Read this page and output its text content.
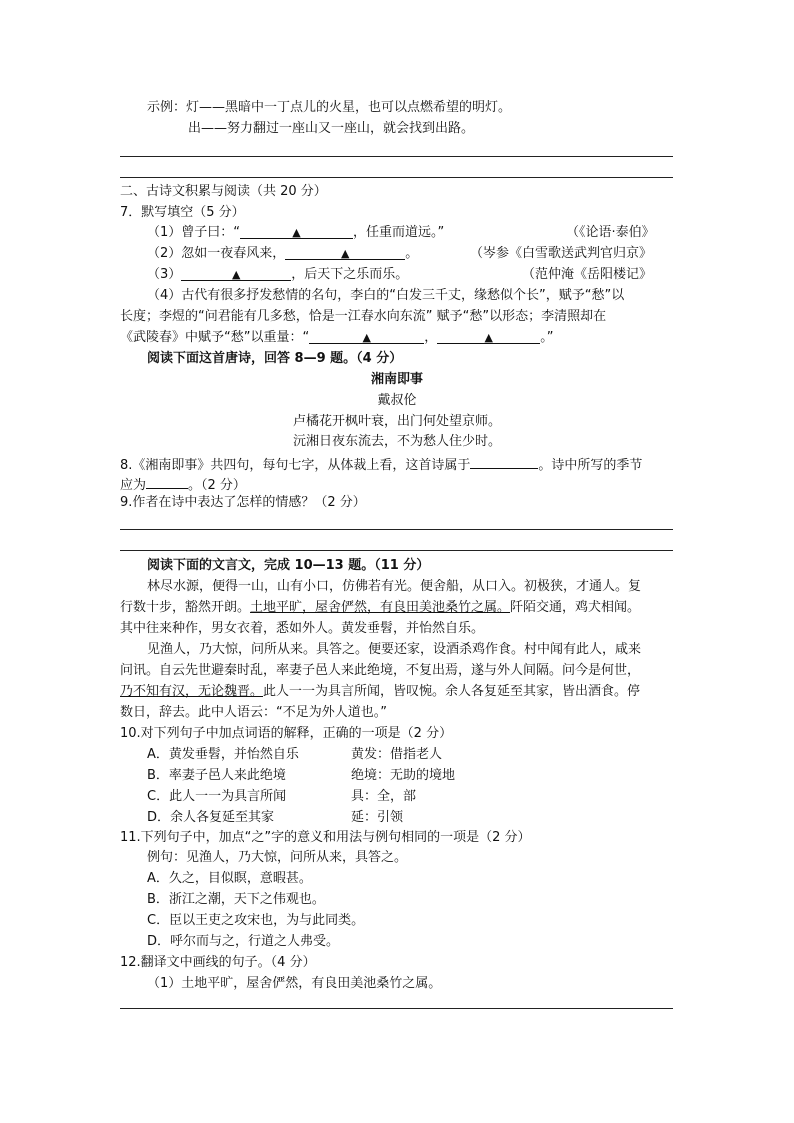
示例：灯——黑暗中一丁点儿的火星，也可以点燃希望的明灯。
出——努力翻过一座山又一座山，就会找到出路。
二、古诗文积累与阅读（共 20 分）
7．默写填空（5 分）
（1）曾子曰：“	▲	，任重而道远。”	（《论语·泰伯》
（2）忽如一夜春风来，	▲	。	（岑参《白雪歌送武判官归京》
（3）	▲	，后天下之乐而乐。	（范仲淹《岳阳楼记》
（4）古代有很多抒发愁情的名句，李白的“白发三千丈，缘愁似个长”，赋予“愁”以
长度；李煜的“问君能有几多愁，恰是一江春水向东流” 赋予“愁”以形态；李清照却在
《武陵春》中赋予“愁”以重量：“	▲	，	▲	。”
阅读下面这首唐诗，回答 8—9 题。（4 分）
湘南即事
戴叔伦
卢橘花开枫叶衰，出门何处望京师。
沅湘日夜东流去，不为愁人住少时。
8.《湘南即事》共四句，每句七字，从体裁上看，这首诗属于	。诗中所写的季节
应为	。（2 分）
9.作者在诗中表达了怎样的情感？（2 分）
阅读下面的文言文，完成 10—13 题。（11 分）
林尽水源，便得一山，山有小口，仿佛若有光。便舍船，从口入。初极狭，才通人。复
行数十步，豁然开朗。土地平旷，屋舍俨然，有良田美池桑竹之属。阡陌交通，鸡犬相闻。
其中往来种作，男女衣着，悉如外人。黄发垂髫，并怡然自乐。
见渔人，乃大惊，问所从来。具答之。便要还家，设酒杀鸡作食。村中闻有此人，咸来
问讯。自云先世避秦时乱，率妻子邑人来此绝境，不复出焉，遂与外人间隔。问今是何世，
乃不知有汉，无论魏晋。此人一一为具言所闻，皆叹惋。余人各复延至其家，皆出酒食。停
数日，辞去。此中人语云：“不足为外人道也。”
10.对下列句子中加点词语的解释，正确的一项是（2 分）
A．黄发垂髫，并怡然自乐	黄发：借指老人
B．率妻子邑人来此绝境	绝境：无助的境地
C．此人一一为具言所闻	具：全，部
D．余人各复延至其家	延：引领
11.下列句子中，加点“之”字的意义和用法与例句相同的一项是（2 分）
例句：见渔人，乃大惊，问所从来，具答之。
A．久之，目似瞑，意暇甚。
B．浙江之潮，天下之伟观也。
C．臣以王吏之攻宋也，为与此同类。
D．呼尔而与之，行道之人弗受。
12.翻译文中画线的句子。（4 分）
（1）土地平旷，屋舍俨然，有良田美池桑竹之属。
